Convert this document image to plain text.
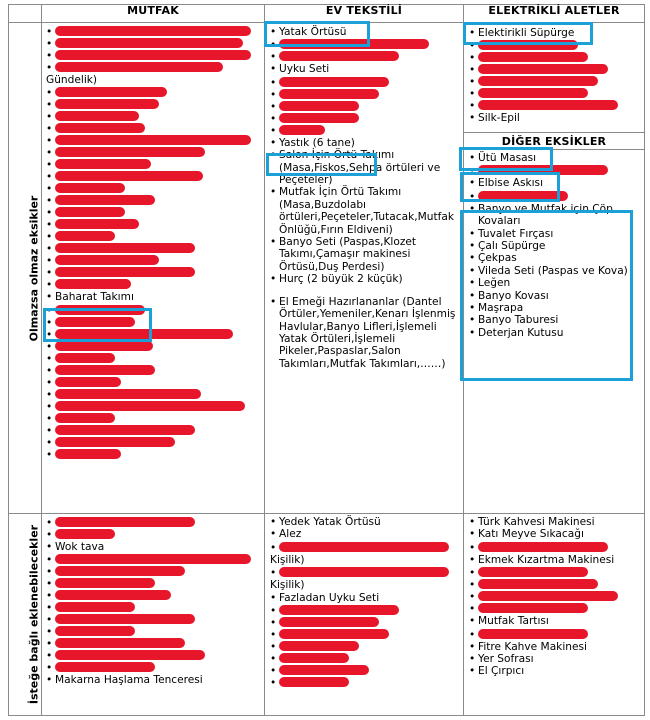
MUTFAK	EV TEKSTİLİ	ELEKTRİKLİ ALETLER
DİĞER EKSİKLER
Olmazsa olmaz eksikler
İsteğe bağlı eklenebilecekler
•
•
•
•
Gündelik)
•
•
•
•
•
•
•
•
•
•
•
•
•
•
•
•
•
• Baharat Takımı
•
•
•
•
•
•
•
•
•
•
•
•
•
•
•
• Wok tava
•
•
•
•
•
•
•
•
•
•
• Makarna Haşlama Tenceresi
• Yatak Örtüsü
•
•
• Uyku Seti
•
•
•
•
•
• Yastık (6 tane)
• Salon İçin Örtü Takımı (Masa,Fiskos,Sehpa örtüleri ve Peçeteler)
• Mutfak İçin Örtü Takımı (Masa,Buzdolabı örtüleri,Peçeteler,Tutacak,Mutfak Önlüğü,Fırın Eldiveni)
• Banyo Seti (Paspas,Klozet Takımı,Çamaşır makinesi Örtüsü,Duş Perdesi)
• Hurç (2 büyük 2 küçük)
• El Emeği Hazırlananlar (Dantel Örtüler,Yemeniler,Kenarı İşlenmiş Havlular,Banyo Lifleri,İşlemeli Yatak Örtüleri,İşlemeli Pikeler,Paspaslar,Salon Takımları,Mutfak Takımları,……)
• Yedek Yatak Örtüsü
• Alez
•
Kişilik)
•
Kişilik)
• Fazladan Uyku Seti
•
•
•
•
•
•
•
• Elektirikli Süpürge
•
•
•
•
•
•
• Silk-Epil
• Ütü Masası
•
• Elbise Askısı
•
• Banyo ve Mutfak için Çöp Kovaları
• Tuvalet Fırçası
• Çalı Süpürge
• Çekpas
• Vileda Seti (Paspas ve Kova)
• Leğen
• Banyo Kovası
• Maşrapa
• Banyo Taburesi
• Deterjan Kutusu
• Türk Kahvesi Makinesi
• Katı Meyve Sıkacağı
•
• Ekmek Kızartma Makinesi
•
•
•
•
• Mutfak Tartısı
•
• Fitre Kahve Makinesi
• Yer Sofrası
• El Çırpıcı
